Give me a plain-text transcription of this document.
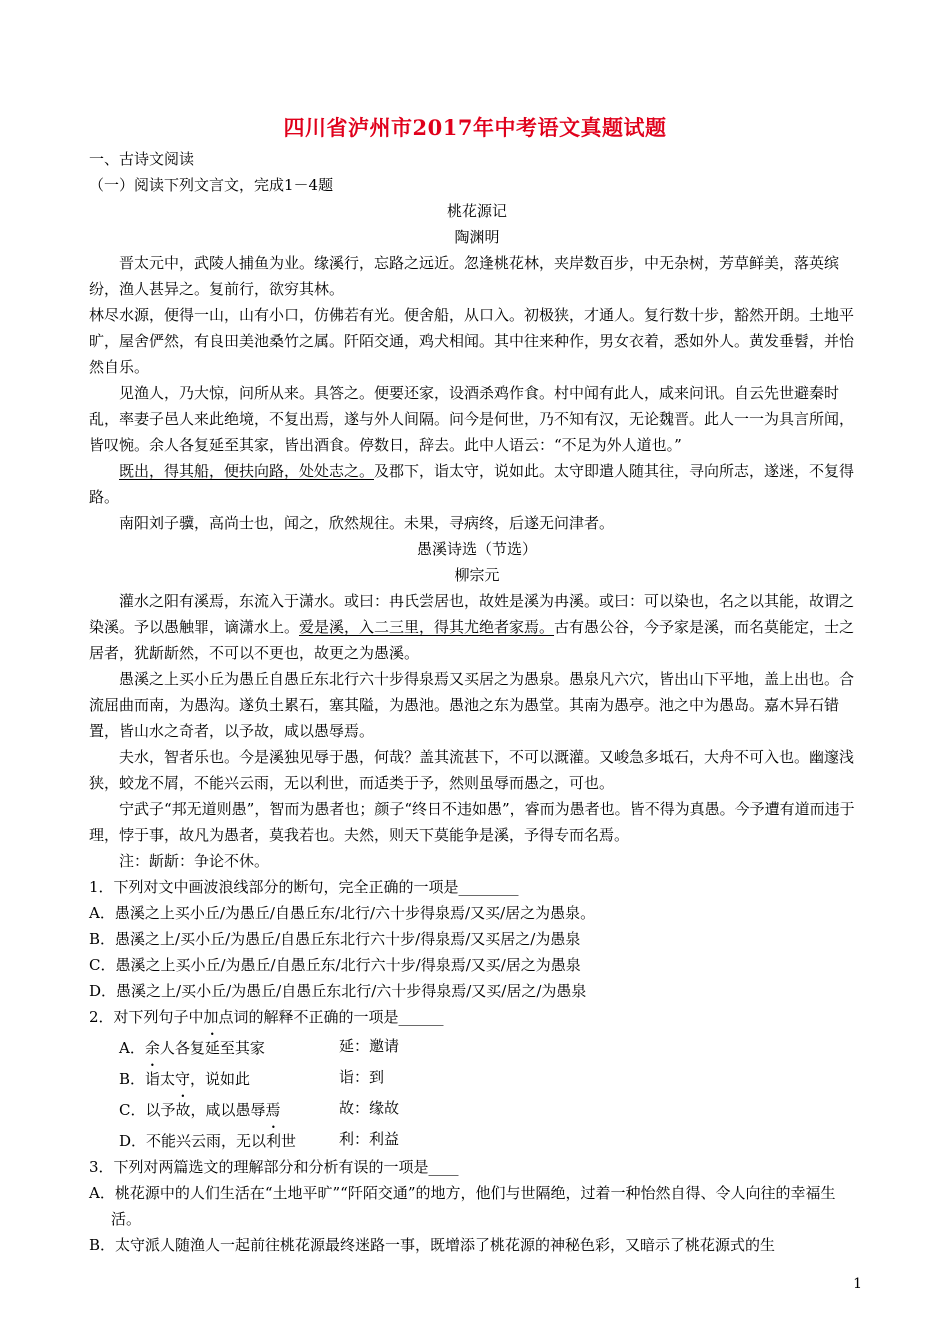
四川省泸州市2017年中考语文真题试题

一、古诗文阅读

（一）阅读下列文言文，完成1－4题

桃花源记

陶渊明

晋太元中，武陵人捕鱼为业。缘溪行，忘路之远近。忽逢桃花林，夹岸数百步，中无杂树，芳草鲜美，落英缤纷，渔人甚异之。复前行，欲穷其林。

林尽水源，便得一山，山有小口，仿佛若有光。便舍船，从口入。初极狭，才通人。复行数十步，豁然开朗。土地平旷，屋舍俨然，有良田美池桑竹之属。阡陌交通，鸡犬相闻。其中往来种作，男女衣着，悉如外人。黄发垂髫，并怡然自乐。

见渔人，乃大惊，问所从来。具答之。便要还家，设酒杀鸡作食。村中闻有此人，咸来问讯。自云先世避秦时乱，率妻子邑人来此绝境，不复出焉，遂与外人间隔。问今是何世，乃不知有汉，无论魏晋。此人一一为具言所闻，皆叹惋。余人各复延至其家，皆出酒食。停数日，辞去。此中人语云：“不足为外人道也。”

既出，得其船，便扶向路，处处志之。及郡下，诣太守，说如此。太守即遣人随其往，寻向所志，遂迷，不复得路。

南阳刘子骥，高尚士也，闻之，欣然规往。未果，寻病终，后遂无问津者。

愚溪诗选（节选）

柳宗元

灌水之阳有溪焉，东流入于潇水。或曰：冉氏尝居也，故姓是溪为冉溪。或曰：可以染也，名之以其能，故谓之染溪。予以愚触罪，谪潇水上。爱是溪，入二三里，得其尤绝者家焉。古有愚公谷，今予家是溪，而名莫能定，士之居者，犹龂龂然，不可以不更也，故更之为愚溪。

愚溪之上买小丘为愚丘自愚丘东北行六十步得泉焉又买居之为愚泉。愚泉凡六穴，皆出山下平地，盖上出也。合流屈曲而南，为愚沟。遂负土累石，塞其隘，为愚池。愚池之东为愚堂。其南为愚亭。池之中为愚岛。嘉木异石错置，皆山水之奇者，以予故，咸以愚辱焉。

夫水，智者乐也。今是溪独见辱于愚，何哉？盖其流甚下，不可以溉灌。又峻急多坻石，大舟不可入也。幽邃浅狭，蛟龙不屑，不能兴云雨，无以利世，而适类于予，然则虽辱而愚之，可也。

宁武子“邦无道则愚”，智而为愚者也；颜子“终日不违如愚”，睿而为愚者也。皆不得为真愚。今予遭有道而违于理，悖于事，故凡为愚者，莫我若也。夫然，则天下莫能争是溪，予得专而名焉。

注：龂龂：争论不休。

1．下列对文中画波浪线部分的断句，完全正确的一项是________

A．愚溪之上买小丘/为愚丘/自愚丘东/北行/六十步得泉焉/又买/居之为愚泉。

B．愚溪之上/买小丘/为愚丘/自愚丘东北行六十步/得泉焉/又买居之/为愚泉

C．愚溪之上买小丘/为愚丘/自愚丘东/北行六十步/得泉焉/又买/居之为愚泉

D．愚溪之上/买小丘/为愚丘/自愚丘东北行/六十步得泉焉/又买/居之/为愚泉

2．对下列句子中加点词的解释不正确的一项是______

A．余人各复延至其家	延：邀请
B．诣太守，说如此	诣：到
C．以予故，咸以愚辱焉	故：缘故
D．不能兴云雨，无以利世	利：利益

3．下列对两篇选文的理解部分和分析有误的一项是____

A．桃花源中的人们生活在“土地平旷”“阡陌交通”的地方，他们与世隔绝，过着一种怡然自得、令人向往的幸福生活。

B．太守派人随渔人一起前往桃花源最终迷路一事，既增添了桃花源的神秘色彩，又暗示了桃花源式的生

1
